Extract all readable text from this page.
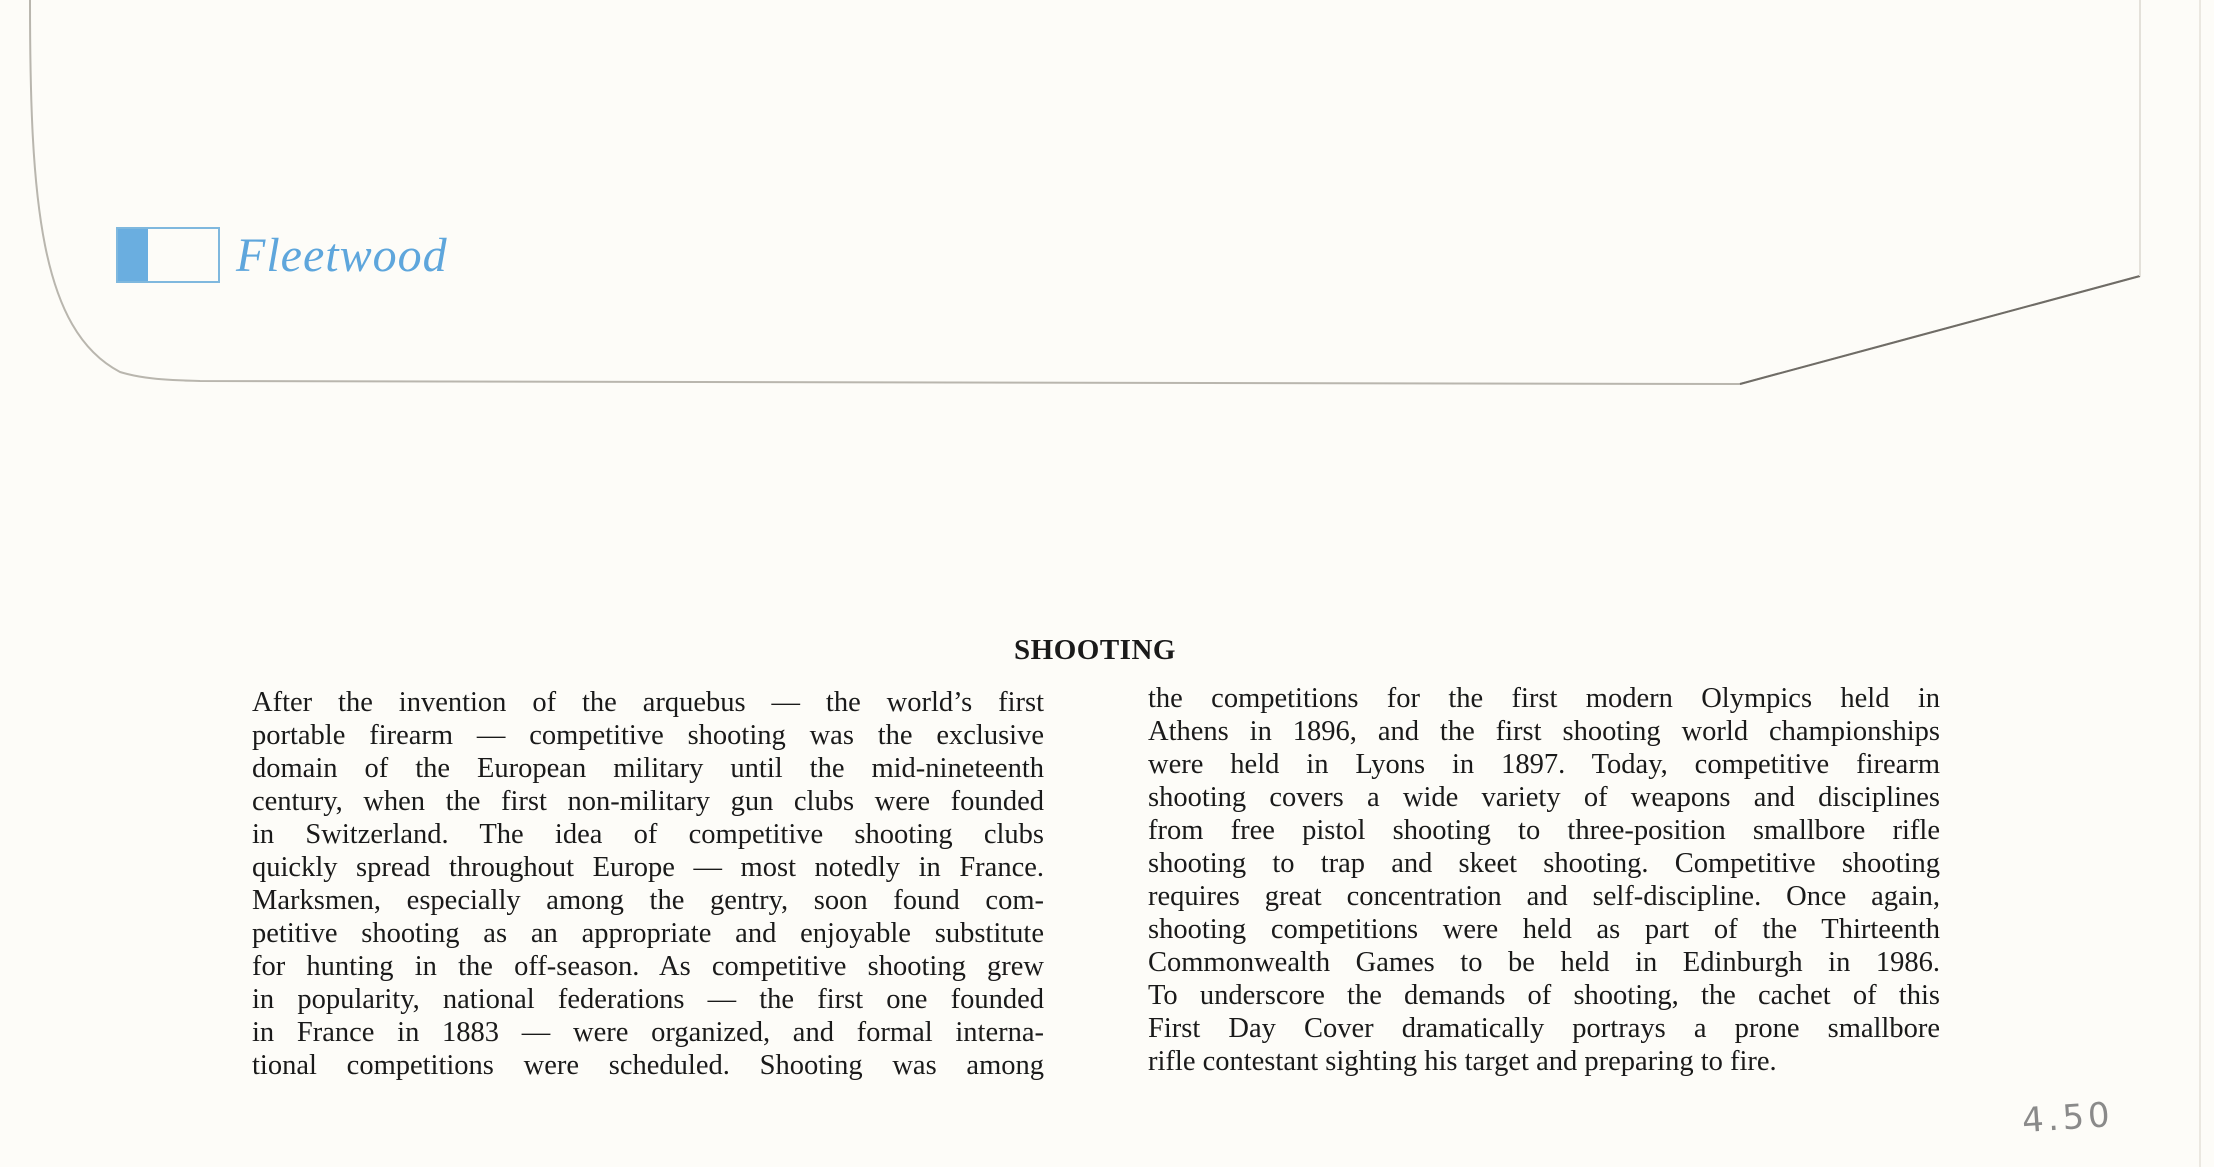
Fleetwood
SHOOTING
After the invention of the arquebus — the world’s first
portable firearm — competitive shooting was the exclusive
domain of the European military until the mid-nineteenth
century, when the first non-military gun clubs were founded
in Switzerland. The idea of competitive shooting clubs
quickly spread throughout Europe — most notedly in France.
Marksmen, especially among the gentry, soon found com-
petitive shooting as an appropriate and enjoyable substitute
for hunting in the off-season. As competitive shooting grew
in popularity, national federations — the first one founded
in France in 1883 — were organized, and formal interna-
tional competitions were scheduled. Shooting was among
the competitions for the first modern Olympics held in
Athens in 1896, and the first shooting world championships
were held in Lyons in 1897. Today, competitive firearm
shooting covers a wide variety of weapons and disciplines
from free pistol shooting to three-position smallbore rifle
shooting to trap and skeet shooting. Competitive shooting
requires great concentration and self-discipline. Once again,
shooting competitions were held as part of the Thirteenth
Commonwealth Games to be held in Edinburgh in 1986.
To underscore the demands of shooting, the cachet of this
First Day Cover dramatically portrays a prone smallbore
rifle contestant sighting his target and preparing to fire.
4.50
